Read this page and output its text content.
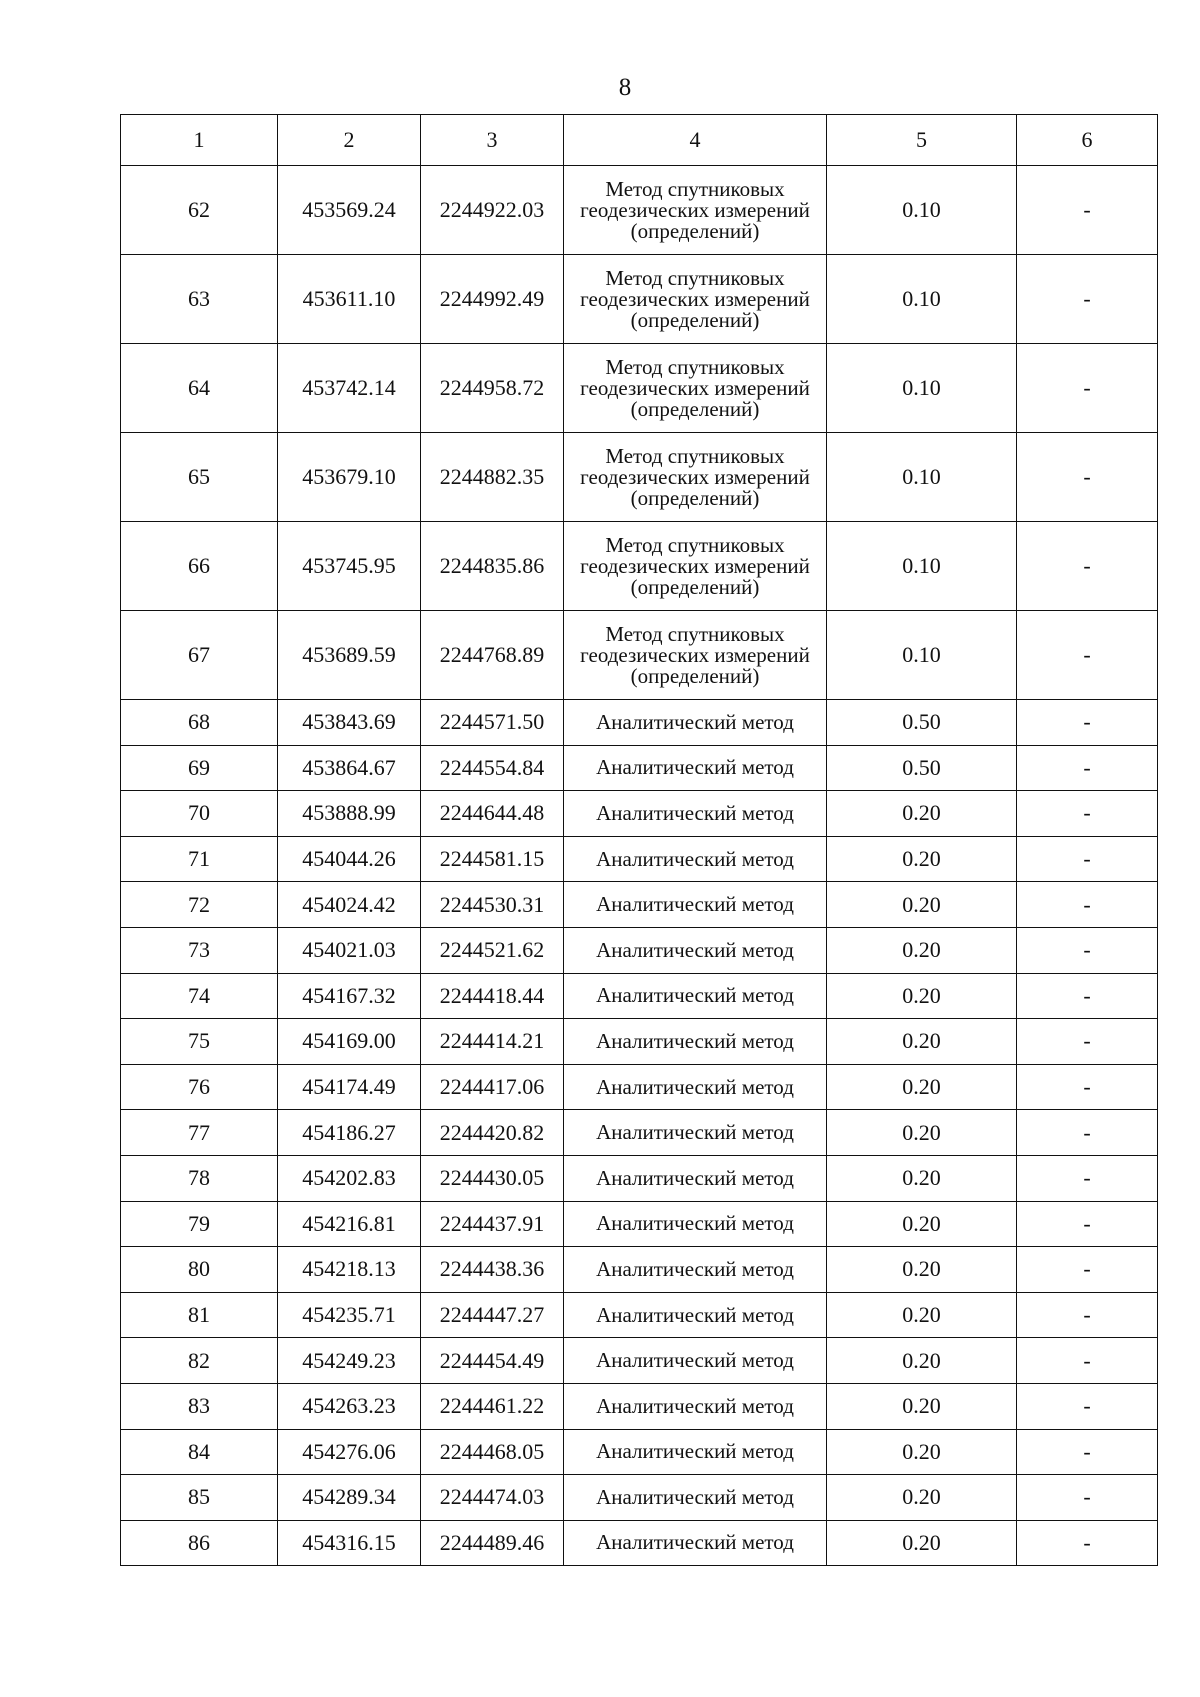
8
1	2	3	4	5	6
62	453569.24	2244922.03	Метод спутниковых геодезических измерений (определений)	0.10	-
63	453611.10	2244992.49	Метод спутниковых геодезических измерений (определений)	0.10	-
64	453742.14	2244958.72	Метод спутниковых геодезических измерений (определений)	0.10	-
65	453679.10	2244882.35	Метод спутниковых геодезических измерений (определений)	0.10	-
66	453745.95	2244835.86	Метод спутниковых геодезических измерений (определений)	0.10	-
67	453689.59	2244768.89	Метод спутниковых геодезических измерений (определений)	0.10	-
68	453843.69	2244571.50	Аналитический метод	0.50	-
69	453864.67	2244554.84	Аналитический метод	0.50	-
70	453888.99	2244644.48	Аналитический метод	0.20	-
71	454044.26	2244581.15	Аналитический метод	0.20	-
72	454024.42	2244530.31	Аналитический метод	0.20	-
73	454021.03	2244521.62	Аналитический метод	0.20	-
74	454167.32	2244418.44	Аналитический метод	0.20	-
75	454169.00	2244414.21	Аналитический метод	0.20	-
76	454174.49	2244417.06	Аналитический метод	0.20	-
77	454186.27	2244420.82	Аналитический метод	0.20	-
78	454202.83	2244430.05	Аналитический метод	0.20	-
79	454216.81	2244437.91	Аналитический метод	0.20	-
80	454218.13	2244438.36	Аналитический метод	0.20	-
81	454235.71	2244447.27	Аналитический метод	0.20	-
82	454249.23	2244454.49	Аналитический метод	0.20	-
83	454263.23	2244461.22	Аналитический метод	0.20	-
84	454276.06	2244468.05	Аналитический метод	0.20	-
85	454289.34	2244474.03	Аналитический метод	0.20	-
86	454316.15	2244489.46	Аналитический метод	0.20	-
